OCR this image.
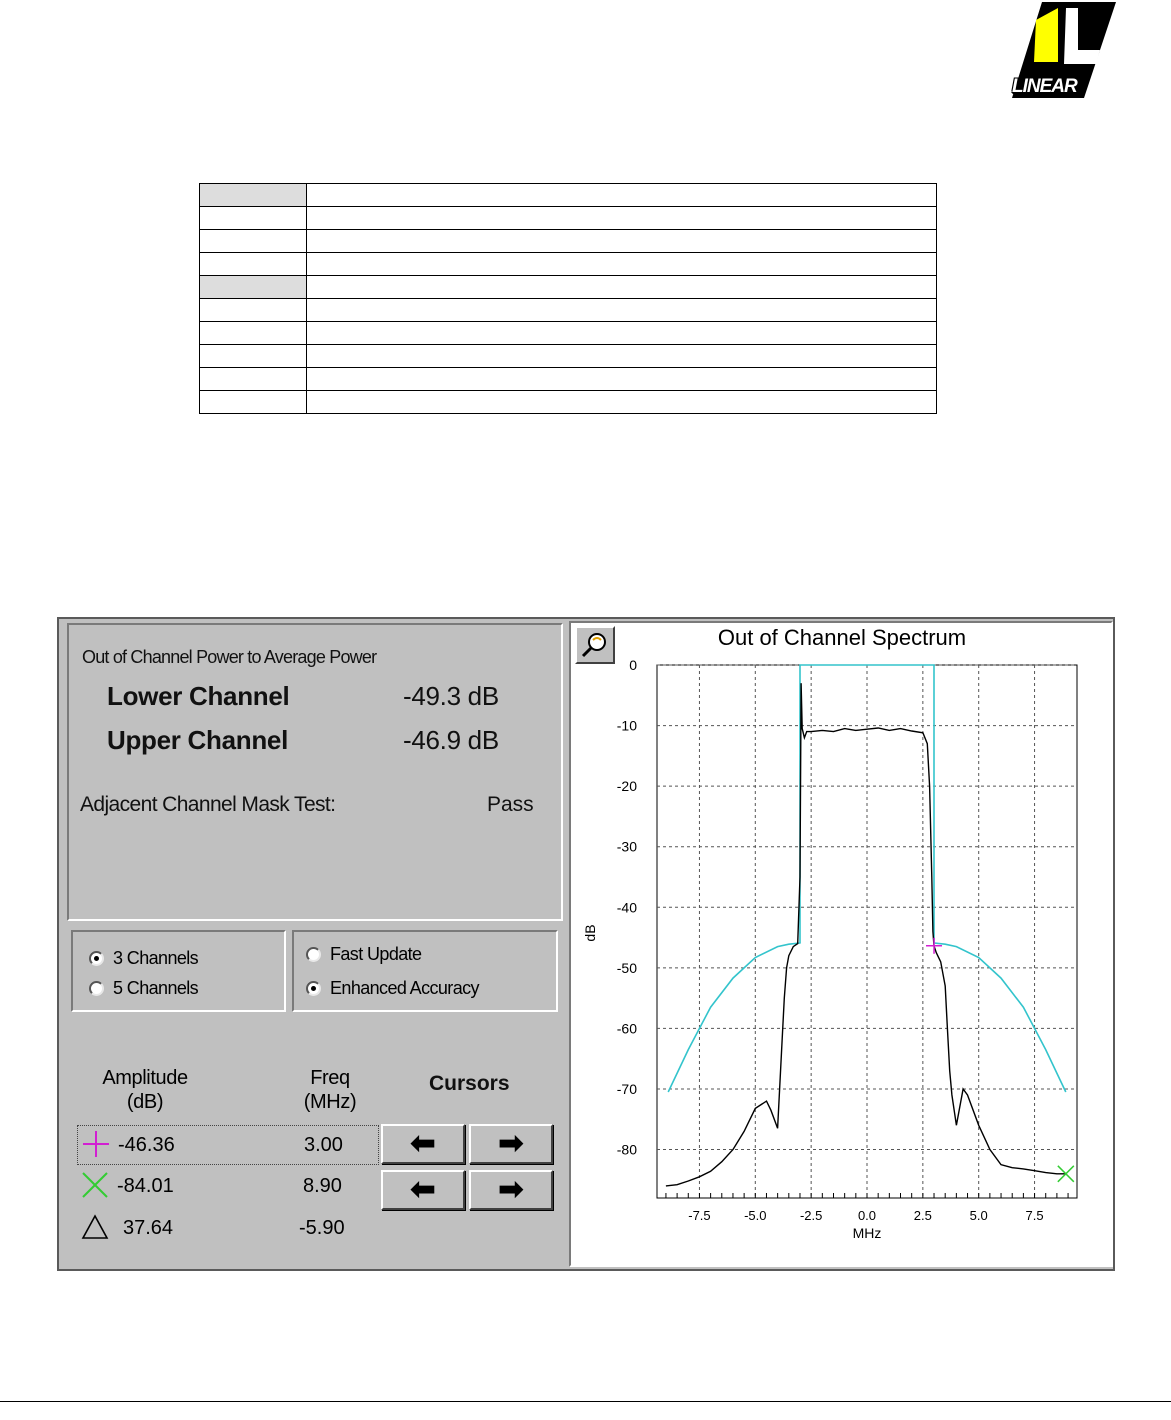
LINEAR

Out of Channel Power to Average Power
Lower Channel	-49.3 dB
Upper Channel	-46.9 dB
Adjacent Channel Mask Test:	Pass
3 Channels
5 Channels
Fast Update
Enhanced Accuracy
Amplitude
(dB)
Freq
(MHz)
Cursors
-46.36	3.00
-84.01	8.90
37.64	-5.90
⬅ ➡
⬅ ➡
-7.5	-5.0	-2.5	0.0	2.5	5.0	7.5
0
-10
-20
-30
-40
-50
-60
-70
-80
Out of Channel Spectrum
MHz
dB
